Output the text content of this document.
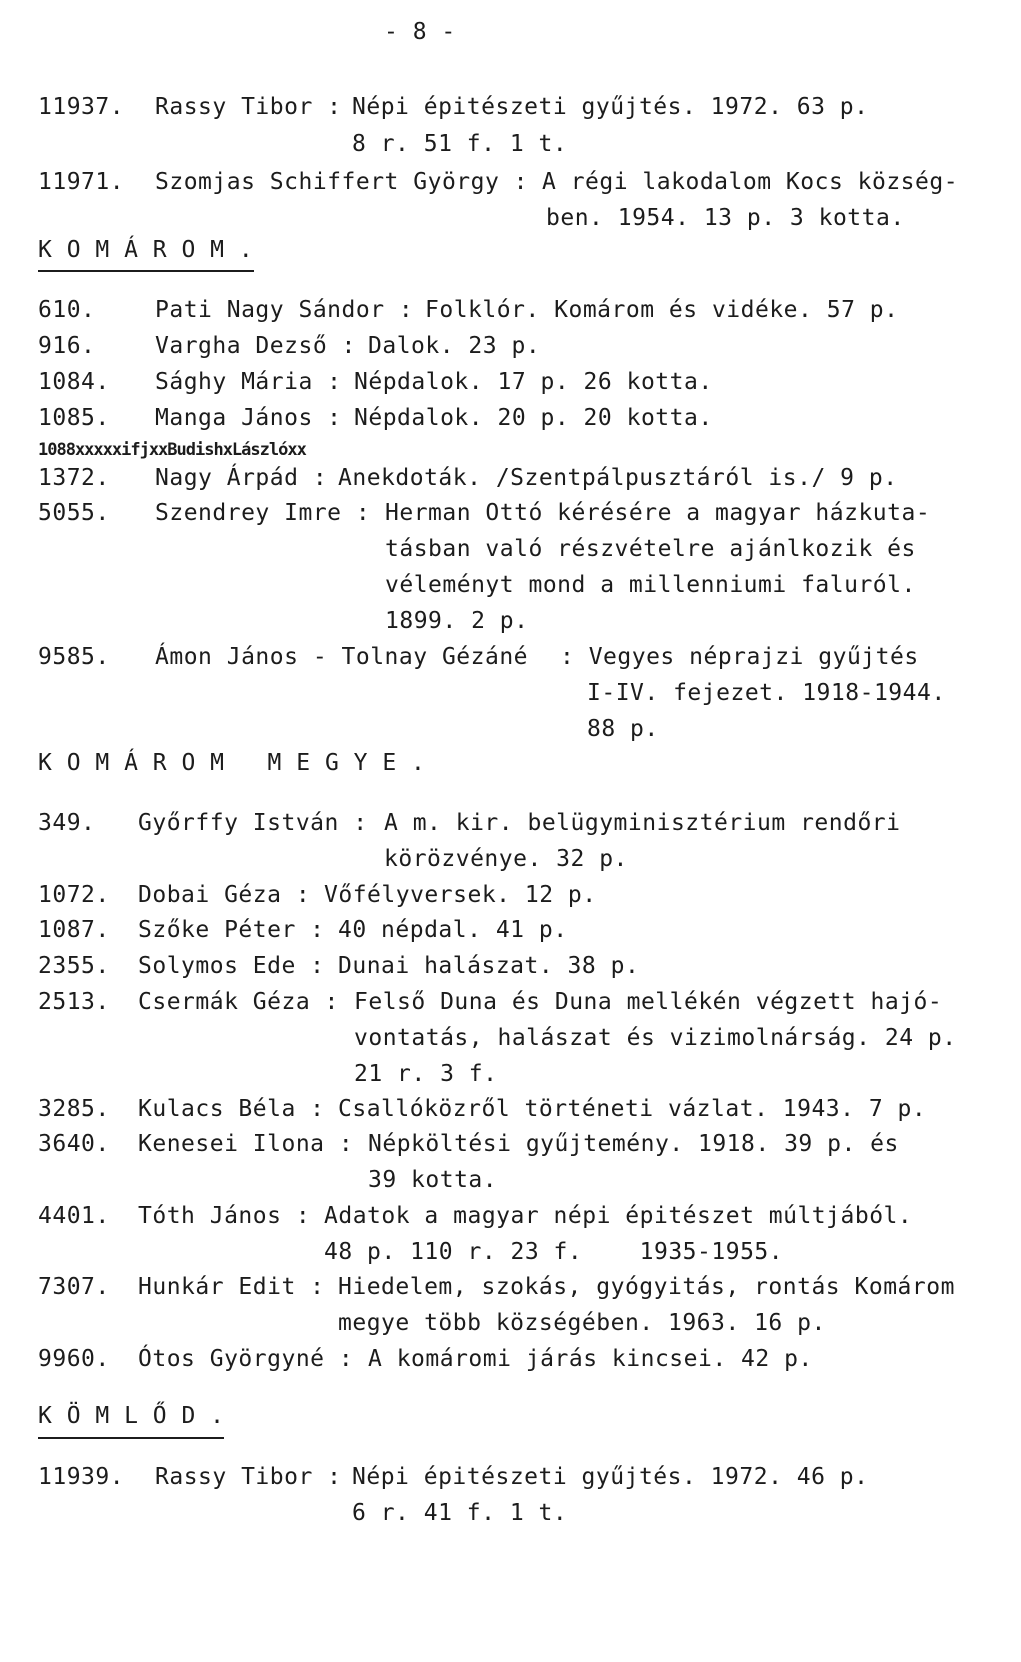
- 8 -
11937. Rassy Tibor : Népi épitészeti gyűjtés. 1972. 63 p.
8 r. 51 f. 1 t.
11971. Szomjas Schiffert György : A régi lakodalom Kocs község-
ben. 1954. 13 p. 3 kotta.
K O M Á R O M .
610.	Pati Nagy Sándor : Folklór. Komárom és vidéke. 57 p.
916.	Vargha Dezső : Dalok. 23 p.
1084. Sághy Mária : Népdalok. 17 p. 26 kotta.
1085. Manga János : Népdalok. 20 p. 20 kotta.
1088xxxxxifjxxBudishxLászlóxx
1372. Nagy Árpád : Anekdoták. /Szentpálpusztáról is./ 9 p.
5055. Szendrey Imre : Herman Ottó kérésére a magyar házkuta-
tásban való részvételre ajánlkozik és
véleményt mond a millenniumi faluról.
1899. 2 p.
9585. Ámon János - Tolnay Gézáné : Vegyes néprajzi gyűjtés
I-IV. fejezet. 1918-1944.
88 p.
K O M Á R O M   M E G Y E .
349. Győrffy István : A m. kir. belügyminisztérium rendőri
körözvénye. 32 p.
1072. Dobai Géza : Vőfélyversek. 12 p.
1087. Szőke Péter : 40 népdal. 41 p.
2355. Solymos Ede : Dunai halászat. 38 p.
2513. Csermák Géza : Felső Duna és Duna mellékén végzett hajó-
vontatás, halászat és vizimolnárság. 24 p.
21 r. 3 f.
3285. Kulacs Béla : Csallóközről történeti vázlat. 1943. 7 p.
3640. Kenesei Ilona : Népköltési gyűjtemény. 1918. 39 p. és
39 kotta.
4401. Tóth János : Adatok a magyar népi épitészet múltjából.
48 p. 110 r. 23 f.    1935-1955.
7307. Hunkár Edit : Hiedelem, szokás, gyógyitás, rontás Komárom
megye több községében. 1963. 16 p.
9960. Ótos Györgyné : A komáromi járás kincsei. 42 p.
K Ö M L Ő D .
11939. Rassy Tibor : Népi épitészeti gyűjtés. 1972. 46 p.
6 r. 41 f. 1 t.
